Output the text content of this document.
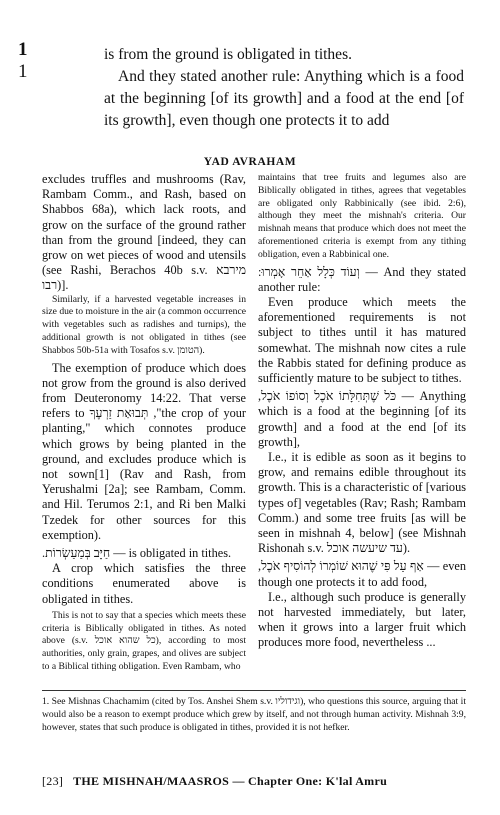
1
1

is from the ground is obligated in tithes.

And they stated another rule: Anything which is a food at the beginning [of its growth] and a food at the end [of its growth], even though one protects it to add

YAD AVRAHAM

excludes truffles and mushrooms (Rav, Rambam Comm., and Rash, based on Shabbos 68a), which lack roots, and grow on the surface of the ground rather than from the ground [indeed, they can grow on wet pieces of wood and utensils (see Rashi, Berachos 40b s.v. מירבא רבו)].

Similarly, if a harvested vegetable increases in size due to moisture in the air (a common occurrence with vegetables such as radishes and turnips), the additional growth is not obligated in tithes (see Shabbos 50b-51a with Tosafos s.v. הטומן).

The exemption of produce which does not grow from the ground is also derived from Deuteronomy 14:22. That verse refers to תְּבוּאַת זַרְעֶךָ ,"the crop of your planting," which connotes produce which grows by being planted in the ground, and excludes produce which is not sown[1] (Rav and Rash, from Yerushalmi [2a]; see Rambam, Comm. and Hil. Terumos 2:1, and Ri ben Malki Tzedek for other sources for this exemption).

.חַיָּב בְּמַעַשְׂרוֹת — is obligated in tithes.

A crop which satisfies the three conditions enumerated above is obligated in tithes.

This is not to say that a species which meets these criteria is Biblically obligated in tithes. As noted above (s.v. כל שהוא אוכל), according to most authorities, only grain, grapes, and olives are subject to a Biblical tithing obligation. Even Rambam, who

maintains that tree fruits and legumes also are Biblically obligated in tithes, agrees that vegetables are obligated only Rabbinically (see ibid. 2:6), although they meet the mishnah's criteria. Our mishnah means that produce which does not meet the aforementioned criteria is exempt from any tithing obligation, even a Rabbinical one.

:וְעוֹד כְּלָל אַחֵר אָמְרוּ — And they stated another rule:

Even produce which meets the aforementioned requirements is not subject to tithes until it has matured somewhat. The mishnah now cites a rule the Rabbis stated for defining produce as sufficiently mature to be subject to tithes.

,כֹּל שֶׁתְּחִלָּתוֹ אֹכֶל וְסוֹפוֹ אֹכֶל — Anything which is a food at the beginning [of its growth] and a food at the end [of its growth],

I.e., it is edible as soon as it begins to grow, and remains edible throughout its growth. This is a characteristic of [various types of] vegetables (Rav; Rash; Rambam Comm.) and some tree fruits [as will be seen in mishnah 4, below] (see Mishnah Rishonah s.v. עד שיעשה אוכל).

,אַף עַל פִּי שֶׁהוּא שׁוֹמְרוֹ לְהוֹסִיף אֹכֶל — even though one protects it to add food,

I.e., although such produce is generally not harvested immediately, but later, when it grows into a larger fruit which produces more food, nevertheless ...

1. See Mishnas Chachamim (cited by Tos. Anshei Shem s.v. וגידוליו), who questions this source, arguing that it would also be a reason to exempt produce which grew by itself, and not through human activity. Mishnah 3:9, however, states that such produce is obligated in tithes, provided it is not hefker.
[23] THE MISHNAH/MAASROS — Chapter One: K'lal Amru
